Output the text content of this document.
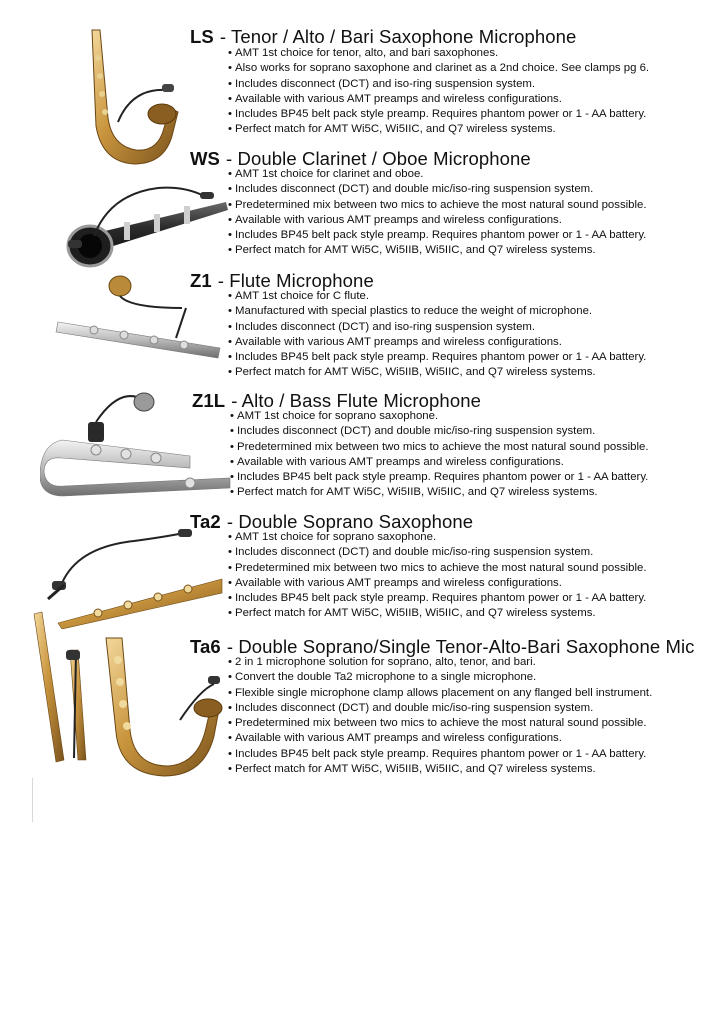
LS - Tenor / Alto / Bari Saxophone Microphone
• AMT 1st choice for tenor, alto, and bari saxophones.
• Also works for soprano saxophone and clarinet as a 2nd choice. See clamps pg 6.
• Includes disconnect (DCT) and iso-ring suspension system.
• Available with various AMT preamps and wireless configurations.
• Includes BP45 belt pack style preamp. Requires phantom power or 1 - AA battery.
• Perfect match for AMT Wi5C, Wi5IIC, and Q7 wireless systems.
WS - Double Clarinet / Oboe Microphone
• AMT 1st choice for clarinet and oboe.
• Includes disconnect (DCT) and double mic/iso-ring suspension system.
• Predetermined mix between two mics to achieve the most natural sound possible.
• Available with various AMT preamps and wireless configurations.
• Includes BP45 belt pack style preamp. Requires phantom power or 1 - AA battery.
• Perfect match for AMT Wi5C, Wi5IIB, Wi5IIC, and Q7 wireless systems.
Z1 - Flute Microphone
• AMT 1st choice for C flute.
• Manufactured with special plastics to reduce the weight of microphone.
• Includes disconnect (DCT) and iso-ring suspension system.
• Available with various AMT preamps and wireless configurations.
• Includes BP45 belt pack style preamp. Requires phantom power or 1 - AA battery.
• Perfect match for AMT Wi5C, Wi5IIB, Wi5IIC, and Q7 wireless systems.
Z1L - Alto / Bass Flute Microphone
• AMT 1st choice for soprano saxophone.
• Includes disconnect (DCT) and double mic/iso-ring suspension system.
• Predetermined mix between two mics to achieve the most natural sound possible.
• Available with various AMT preamps and wireless configurations.
• Includes BP45 belt pack style preamp. Requires phantom power or 1 - AA battery.
• Perfect match for AMT Wi5C, Wi5IIB, Wi5IIC, and Q7 wireless systems.
Ta2 - Double Soprano Saxophone
• AMT 1st choice for soprano saxophone.
• Includes disconnect (DCT) and double mic/iso-ring suspension system.
• Predetermined mix between two mics to achieve the most natural sound possible.
• Available with various AMT preamps and wireless configurations.
• Includes BP45 belt pack style preamp. Requires phantom power or 1 - AA battery.
• Perfect match for AMT Wi5C, Wi5IIB, Wi5IIC, and Q7 wireless systems.
Ta6 - Double Soprano/Single Tenor-Alto-Bari Saxophone Mic
• 2 in 1 microphone solution for soprano, alto, tenor, and bari.
• Convert the double Ta2 microphone to a single microphone.
• Flexible single microphone clamp allows placement on any flanged bell instrument.
• Includes disconnect (DCT) and double mic/iso-ring suspension system.
• Predetermined mix between two mics to achieve the most natural sound possible.
• Available with various AMT preamps and wireless configurations.
• Includes BP45 belt pack style preamp. Requires phantom power or 1 - AA battery.
• Perfect match for AMT Wi5C, Wi5IIB, Wi5IIC, and Q7 wireless systems.
